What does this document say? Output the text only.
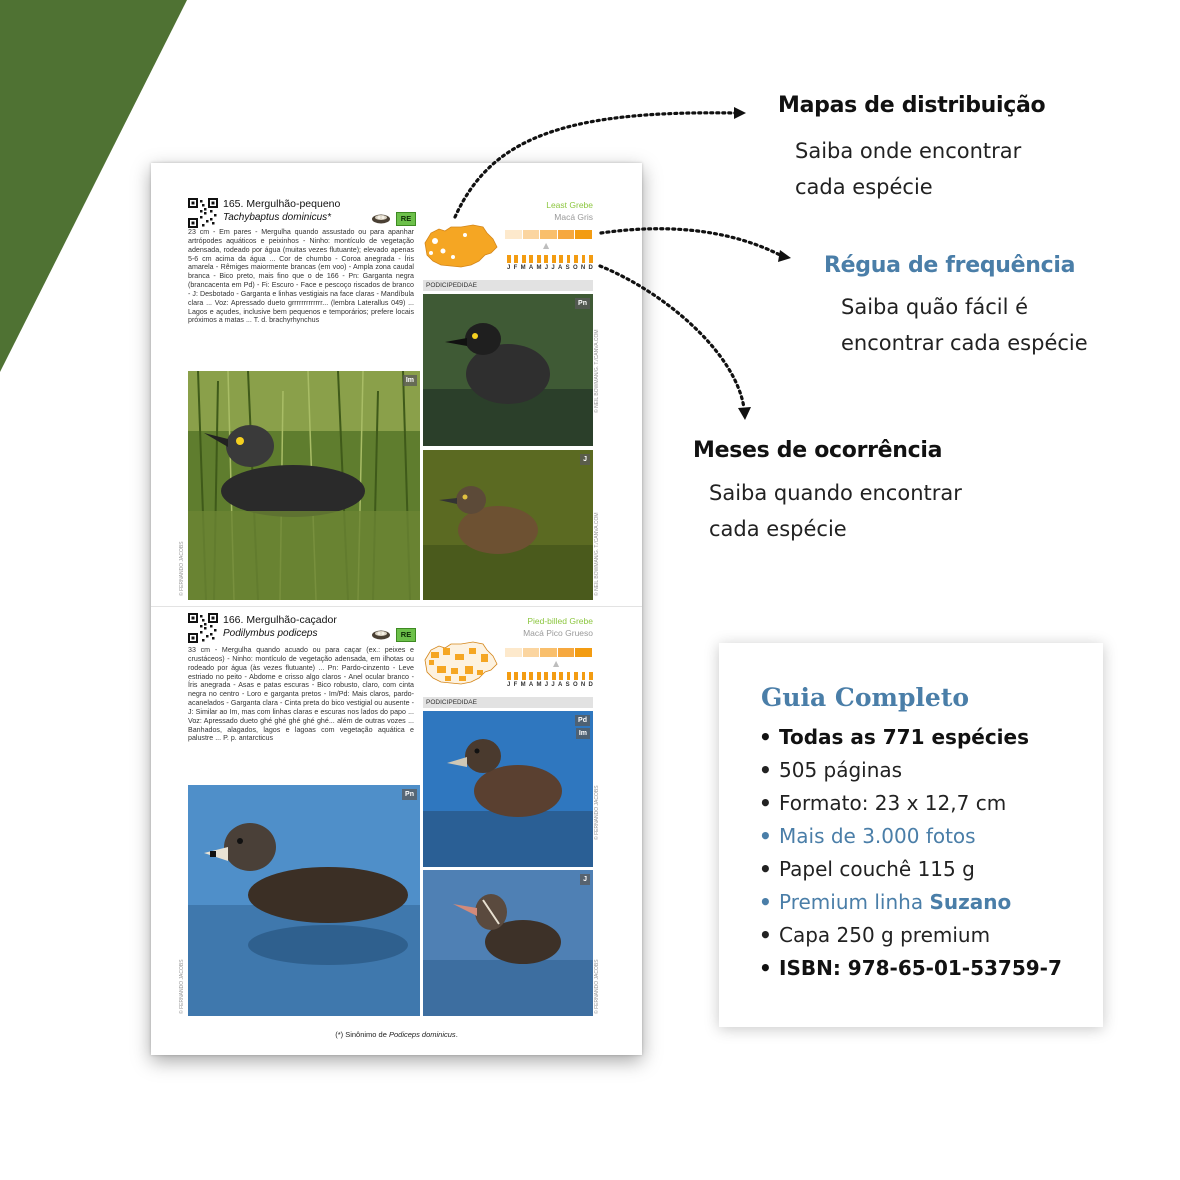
165. Mergulhão-pequeno
Tachybaptus dominicus*	RE
23 cm - Em pares - Mergulha quando assustado ou para apanhar artrópodes aquáticos e peixinhos - Ninho: montículo de vegetação adensada, rodeado por água (muitas vezes flutuante); elevado apenas 5-6 cm acima da água ... Cor de chumbo - Coroa anegrada - Íris amarela - Rêmiges maiormente brancas (em voo) - Ampla zona caudal branca - Bico preto, mais fino que o de 166 - Pn: Garganta negra (brancacenta em Pd) - Fi: Escuro - Face e pescoço riscados de branco - J: Desbotado - Garganta e linhas vestigiais na face claras - Mandíbula clara ... Voz: Apressado dueto grrrrrrrrrrrrr... (lembra Laterallus 049) ... Lagos e açudes, inclusive bem pequenos e temporários; prefere locais próximos a matas ... T. d. brachyrhynchus
Least Grebe
Macá Gris
▲
J F M A M J J A S O N D
PODICIPEDIDAE
Im
Pn
J
© FERNANDO JACOBS
© NEIL BOWMAN/G. T./CANVA.COM
© NEIL BOWMAN/G. T./CANVA.COM
166. Mergulhão-caçador
Podilymbus podiceps	RE
33 cm - Mergulha quando acuado ou para caçar (ex.: peixes e crustáceos) - Ninho: montículo de vegetação adensada, em ilhotas ou rodeado por água (às vezes flutuante) ... Pn: Pardo-cinzento - Leve estriado no peito - Abdome e crisso algo claros - Anel ocular branco - Íris anegrada - Asas e patas escuras - Bico robusto, claro, com cinta negra no centro - Loro e garganta pretos - Im/Pd: Mais claros, pardo-acanelados - Garganta clara - Cinta preta do bico vestigial ou ausente - J: Similar ao Im, mas com linhas claras e escuras nos lados do papo ... Voz: Apressado dueto ghé ghé ghé ghé ghé... além de outras vozes ... Banhados, alagados, lagos e lagoas com vegetação aquática e palustre ... P. p. antarcticus
Pied-billed Grebe
Macá Pico Grueso
▲
J F M A M J J A S O N D
PODICIPEDIDAE
Pn
Pd
Im
J
© FERNANDO JACOBS
© FERNANDO JACOBS
© FERNANDO JACOBS
(*) Sinônimo de Podiceps dominicus.
Mapas de distribuição
Saiba onde encontrar
cada espécie
Régua de frequência
Saiba quão fácil é
encontrar cada espécie
Meses de ocorrência
Saiba quando encontrar
cada espécie
Guia Completo
• Todas as 771 espécies
• 505 páginas
• Formato: 23 x 12,7 cm
• Mais de 3.000 fotos
• Papel couchê 115 g
• Premium linha Suzano
• Capa 250 g premium
• ISBN: 978-65-01-53759-7
